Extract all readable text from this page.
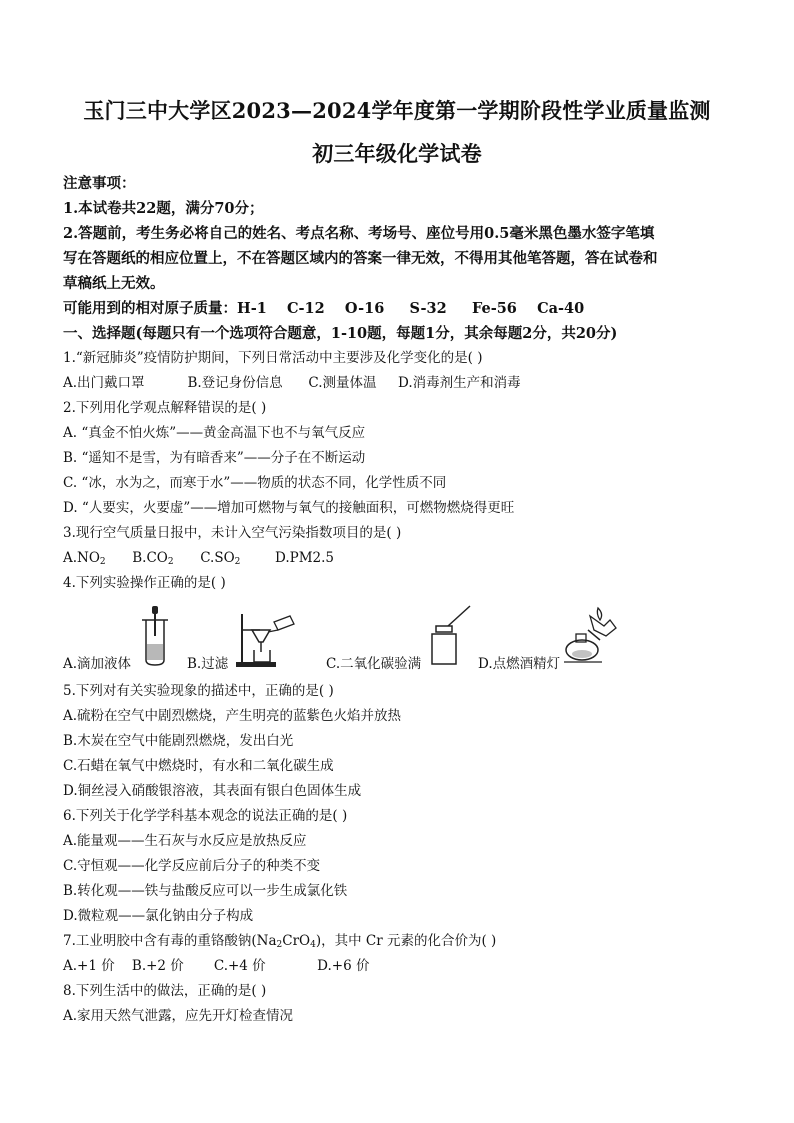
玉门三中大学区2023—2024学年度第一学期阶段性学业质量监测
初三年级化学试卷
注意事项：
1.本试卷共22题，满分70分；
2.答题前，考生务必将自己的姓名、考点名称、考场号、座位号用0.5毫米黑色墨水签字笔填
写在答题纸的相应位置上，不在答题区域内的答案一律无效，不得用其他笔答题，答在试卷和
草稿纸上无效。
可能用到的相对原子质量：H-1    C-12    O-16     S-32     Fe-56    Ca-40
一、选择题(每题只有一个选项符合题意，1-10题，每题1分，其余每题2分，共20分)
1.“新冠肺炎”疫情防护期间，下列日常活动中主要涉及化学变化的是( )
A.出门戴口罩          B.登记身份信息      C.测量体温     D.消毒剂生产和消毒
2.下列用化学观点解释错误的是( )
A. “真金不怕火炼”——黄金高温下也不与氧气反应
B. “遥知不是雪，为有暗香来”——分子在不断运动
C. “冰，水为之，而寒于水”——物质的状态不同，化学性质不同
D. “人要实，火要虚”——增加可燃物与氧气的接触面积，可燃物燃烧得更旺
3.现行空气质量日报中，未计入空气污染指数项目的是( )
$A.NO_2$ $B.CO_2$ $C.SO_2$	D.PM2.5
4.下列实验操作正确的是( )
A.滴加液体	B.过滤	C.二氧化碳验满	D.点燃酒精灯
5.下列对有关实验现象的描述中，正确的是( )
A.硫粉在空气中剧烈燃烧，产生明亮的蓝紫色火焰并放热
B.木炭在空气中能剧烈燃烧，发出白光
C.石蜡在氧气中燃烧时，有水和二氧化碳生成
D.铜丝浸入硝酸银溶液，其表面有银白色固体生成
6.下列关于化学学科基本观念的说法正确的是( )
A.能量观——生石灰与水反应是放热反应
C.守恒观——化学反应前后分子的种类不变
B.转化观——铁与盐酸反应可以一步生成氯化铁
D.微粒观——氯化钠由分子构成
7.工业明胶中含有毒的重铬酸钠$(Na_2CrO_4)$，其中 Cr 元素的化合价为( )
A.+1 价    B.+2 价       C.+4 价            D.+6 价
8.下列生活中的做法，正确的是( )
A.家用天然气泄露，应先开灯检查情况
